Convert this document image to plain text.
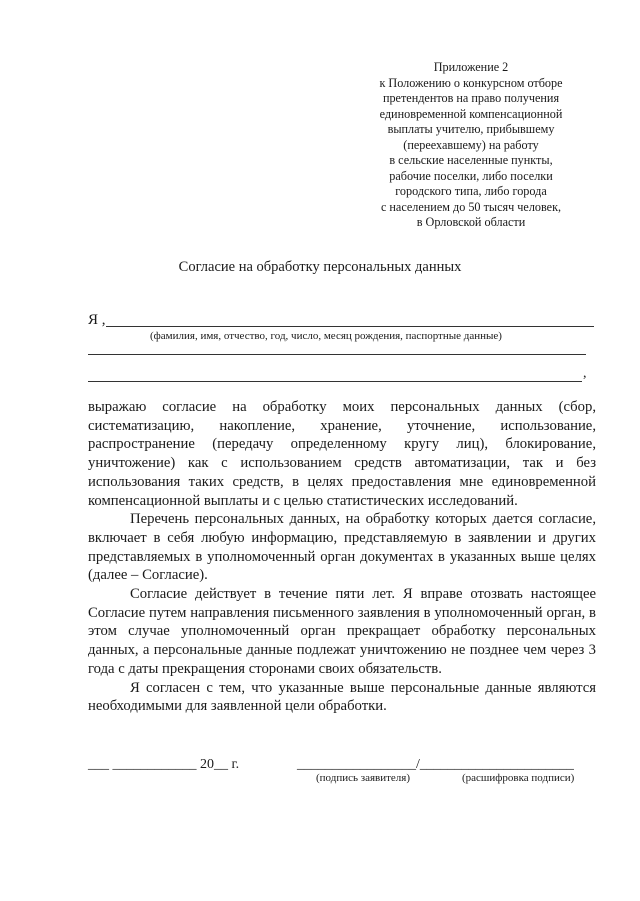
Приложение 2
к Положению о конкурсном отборе
претендентов на право получения
единовременной компенсационной
выплаты учителю, прибывшему
(переехавшему) на работу
в сельские населенные пункты,
рабочие поселки, либо поселки
городского типа, либо города
с населением до 50 тысяч человек,
в Орловской области
Согласие на обработку персональных данных
Я ,
(фамилия, имя, отчество, год, число, месяц рождения, паспортные данные)
,

выражаю согласие на обработку моих персональных данных (сбор, систематизацию, накопление, хранение, уточнение, использование, распространение (передачу определенному кругу лиц), блокирование, уничтожение) как с использованием средств автоматизации, так и без использования таких средств, в целях предоставления мне единовременной компенсационной выплаты и с целью статистических исследований.

Перечень персональных данных, на обработку которых дается согласие, включает в себя любую информацию, представляемую в заявлении и других представляемых в уполномоченный орган документах в указанных выше целях (далее – Согласие).

Согласие действует в течение пяти лет. Я вправе отозвать настоящее Согласие путем направления письменного заявления в уполномоченный орган, в этом случае уполномоченный орган прекращает обработку персональных данных, а персональные данные подлежат уничтожению не позднее чем через 3 года с даты прекращения сторонами своих обязательств.

Я согласен с тем, что указанные выше персональные данные являются необходимыми для заявленной цели обработки.

___ ____________ 20__ г.	_________________/______________________
(подпись заявителя)	(расшифровка подписи)
